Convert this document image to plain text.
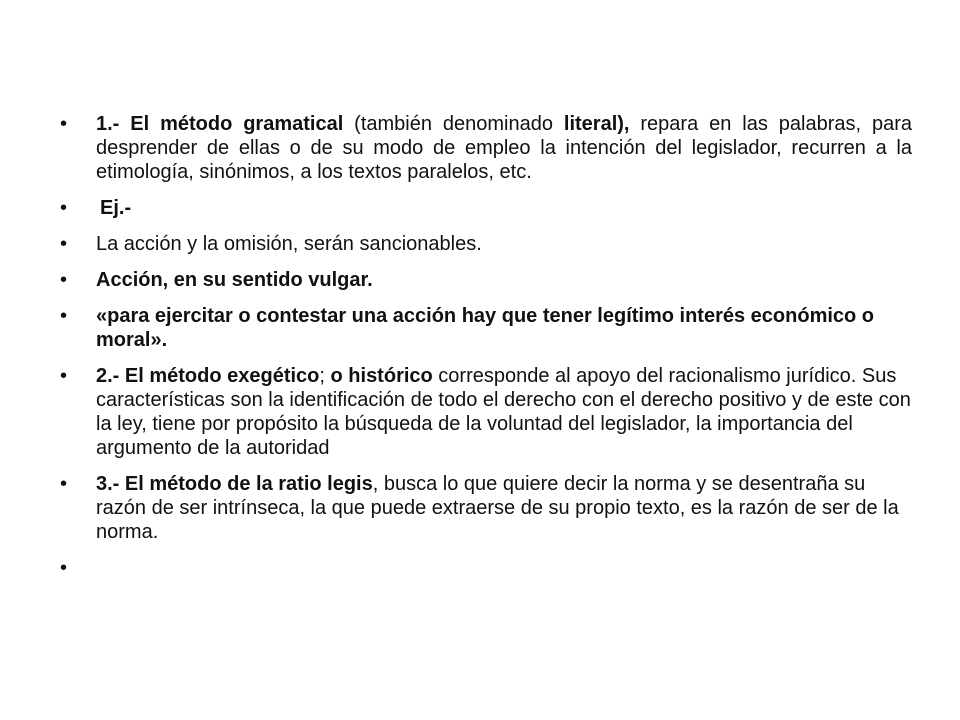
• 1.- El método gramatical (también denominado literal), repara en las palabras, para desprender de ellas o de su modo de empleo la intención del legislador, recurren a la etimología, sinónimos, a los textos paralelos, etc.
• Ej.-
• La acción y la omisión, serán sancionables.
• Acción, en su sentido vulgar.
• «para ejercitar o contestar una acción hay que tener legítimo interés económico o moral».
• 2.- El método exegético; o histórico corresponde al apoyo del racionalismo jurídico. Sus características son la identificación de todo el derecho con el derecho positivo y de este con la ley, tiene por propósito la búsqueda de la voluntad del legislador, la importancia del argumento de la autoridad
• 3.- El método de la ratio legis, busca lo que quiere decir la norma y se desentraña su razón de ser intrínseca, la que puede extraerse de su propio texto, es la razón de ser de la norma.
•
